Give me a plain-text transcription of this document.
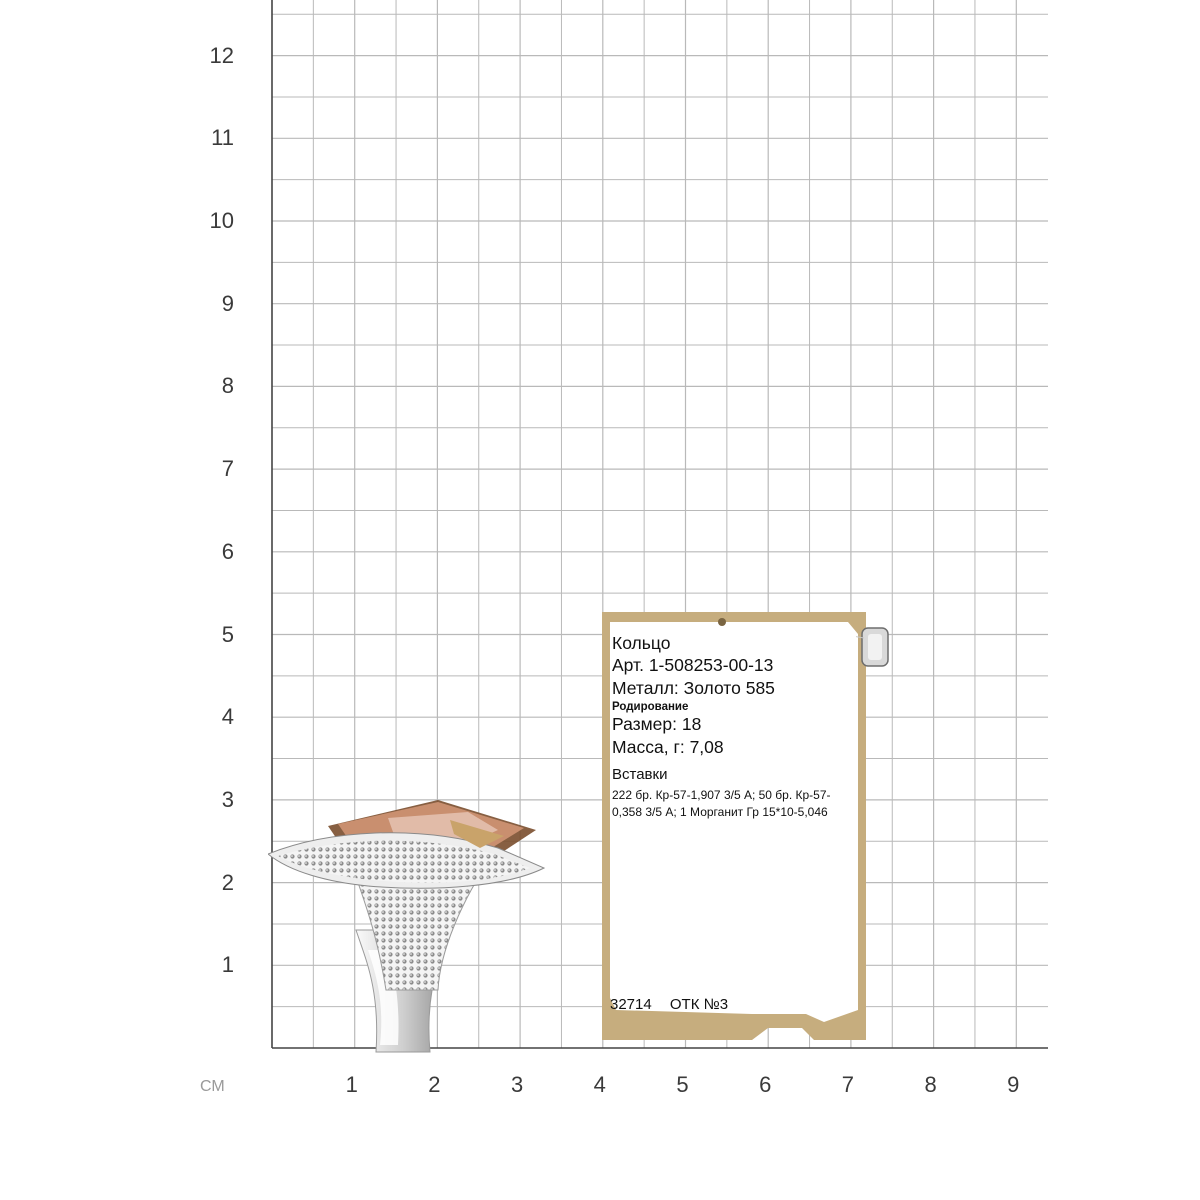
1
2
3
4
5
6
7
8
9
10
11
12
1	2	3	4	5	6	7	8	9
СМ
Кольцо
Арт. 1-508253-00-13
Металл: Золото 585
Родирование
Размер: 18
Масса, г: 7,08
Вставки
222 бр. Кр-57-1,907 3/5 А; 50 бр. Кр-57-0,358 3/5 А; 1 Морганит Гр 15*10-5,046
32714 ОТК №3
